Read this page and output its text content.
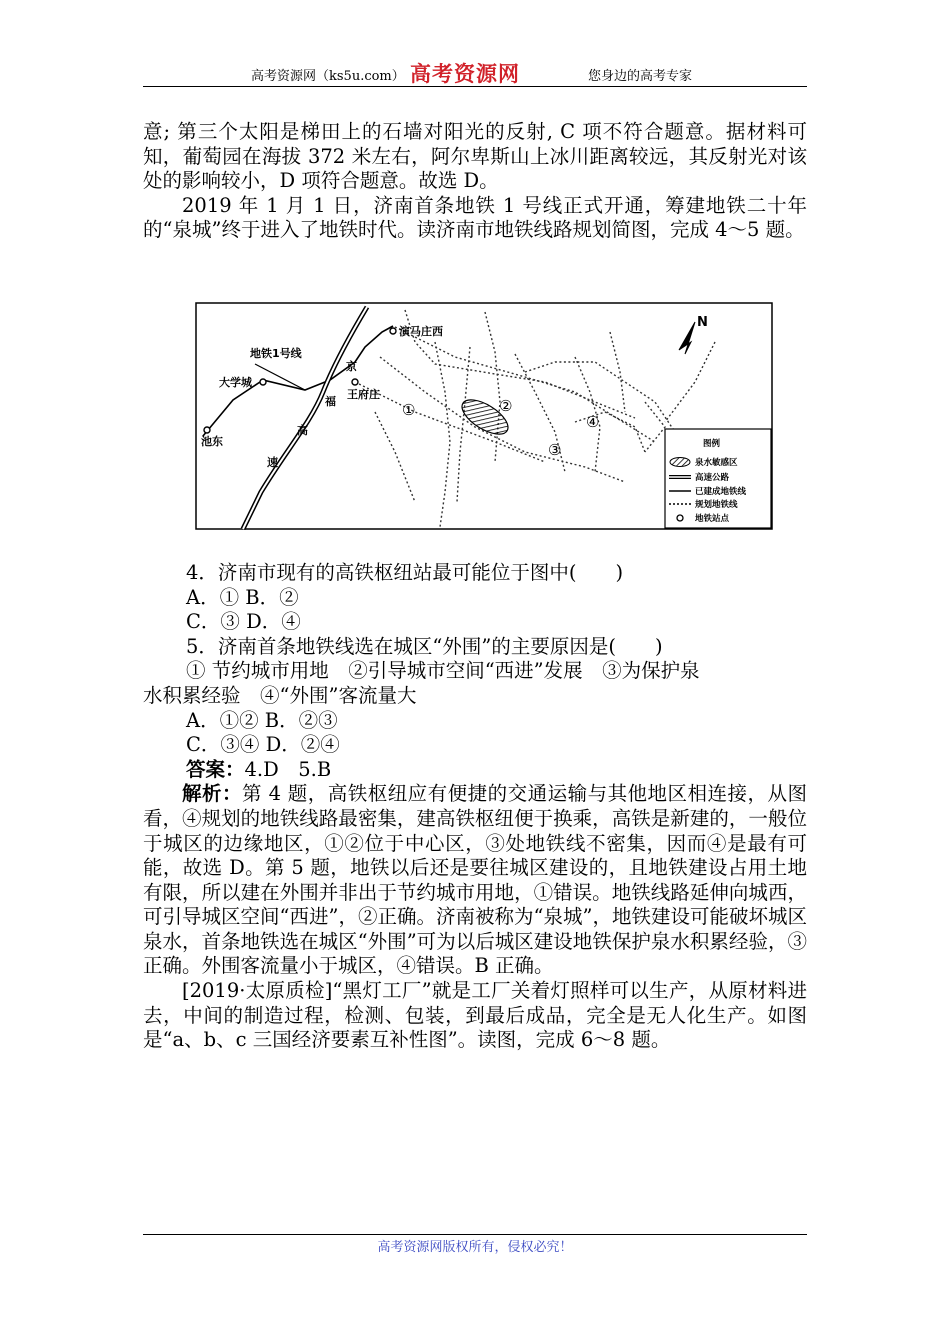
高考资源网（ks5u.com） 高考资源网	您身边的高考专家

意; 第三个太阳是梯田上的石墙对阳光的反射, C 项不符合题意。据材料可知，葡萄园在海拔 372 米左右，阿尔卑斯山上冰川距离较远，其反射光对该处的影响较小，D 项符合题意。故选 D。

2019 年 1 月 1 日，济南首条地铁 1 号线正式开通，筹建地铁二十年的“泉城”终于进入了地铁时代。读济南市地铁线路规划简图，完成 4～5 题。

4．济南市现有的高铁枢纽站最可能位于图中(　　)

A．① B．②

C．③ D．④

5．济南首条地铁线选在城区“外围”的主要原因是(　　)

① 节约城市用地　②引导城市空间“西进”发展　③为保护泉

水积累经验　④“外围”客流量大

A．①② B．②③

C．③④ D．②④

答案：4.D　5.B

解析：第 4 题，高铁枢纽应有便捷的交通运输与其他地区相连接，从图看，④规划的地铁线路最密集，建高铁枢纽便于换乘，高铁是新建的，一般位于城区的边缘地区，①②位于中心区，③处地铁线不密集，因而④是最有可能，故选 D。第 5 题，地铁以后还是要往城区建设的，且地铁建设占用土地有限，所以建在外围并非出于节约城市用地，①错误。地铁线路延伸向城西，可引导城区空间“西进”，②正确。济南被称为“泉城”，地铁建设可能破坏城区泉水，首条地铁选在城区“外围”可为以后城区建设地铁保护泉水积累经验，③正确。外围客流量小于城区，④错误。B 正确。

[2019·太原质检]“黑灯工厂”就是工厂关着灯照样可以生产，从原材料进去，中间的制造过程，检测、包装，到最后成品，完全是无人化生产。如图是“a、b、c 三国经济要素互补性图”。读图，完成 6～8 题。

地铁1号线
演马庄西
大学城
王府庄
池东
京
福
高
速
①	②
③
④
N
图例
泉水敏感区
高速公路
已建成地铁线
规划地铁线
地铁站点
高考资源网版权所有，侵权必究！
